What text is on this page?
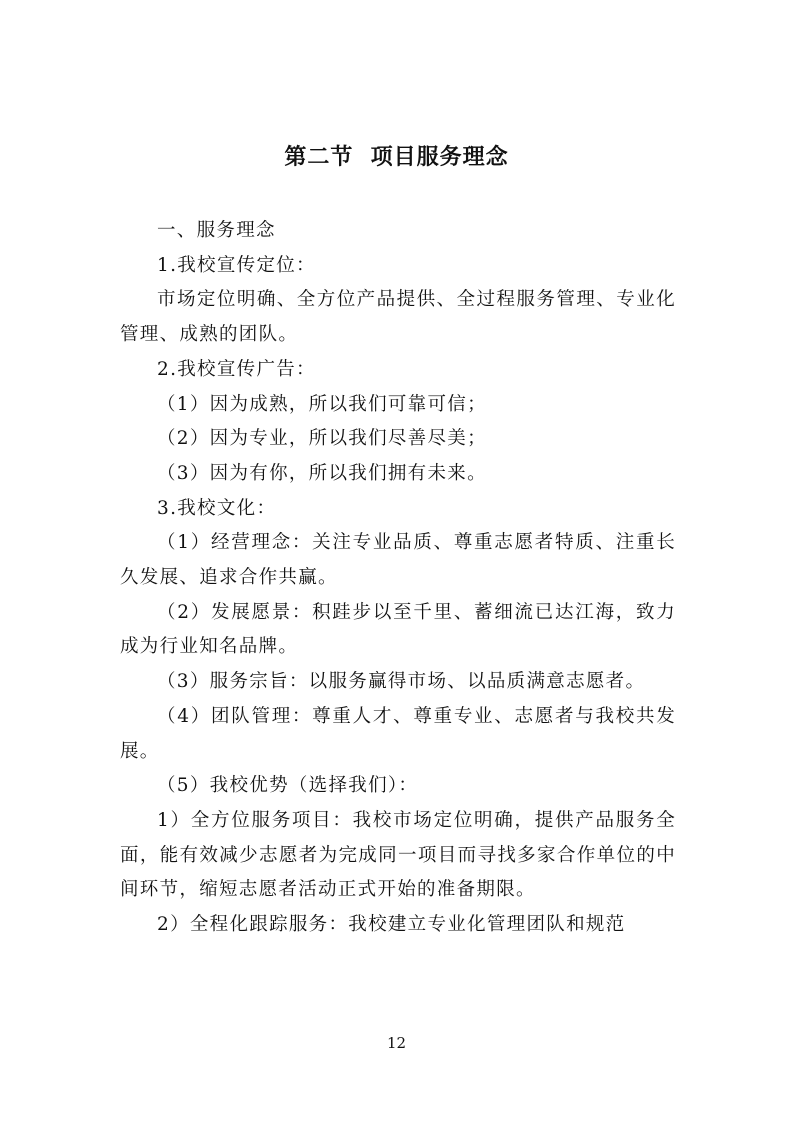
第二节  项目服务理念

一、服务理念

1.我校宣传定位：

市场定位明确、全方位产品提供、全过程服务管理、专业化管理、成熟的团队。

2.我校宣传广告：

（1）因为成熟，所以我们可靠可信；

（2）因为专业，所以我们尽善尽美；

（3）因为有你，所以我们拥有未来。

3.我校文化：

（1）经营理念：关注专业品质、尊重志愿者特质、注重长久发展、追求合作共赢。

（2）发展愿景：积跬步以至千里、蓄细流已达江海，致力成为行业知名品牌。

（3）服务宗旨：以服务赢得市场、以品质满意志愿者。

（4）团队管理：尊重人才、尊重专业、志愿者与我校共发展。

（5）我校优势（选择我们）：

1）全方位服务项目：我校市场定位明确，提供产品服务全面，能有效减少志愿者为完成同一项目而寻找多家合作单位的中间环节，缩短志愿者活动正式开始的准备期限。

2）全程化跟踪服务：我校建立专业化管理团队和规范

12
